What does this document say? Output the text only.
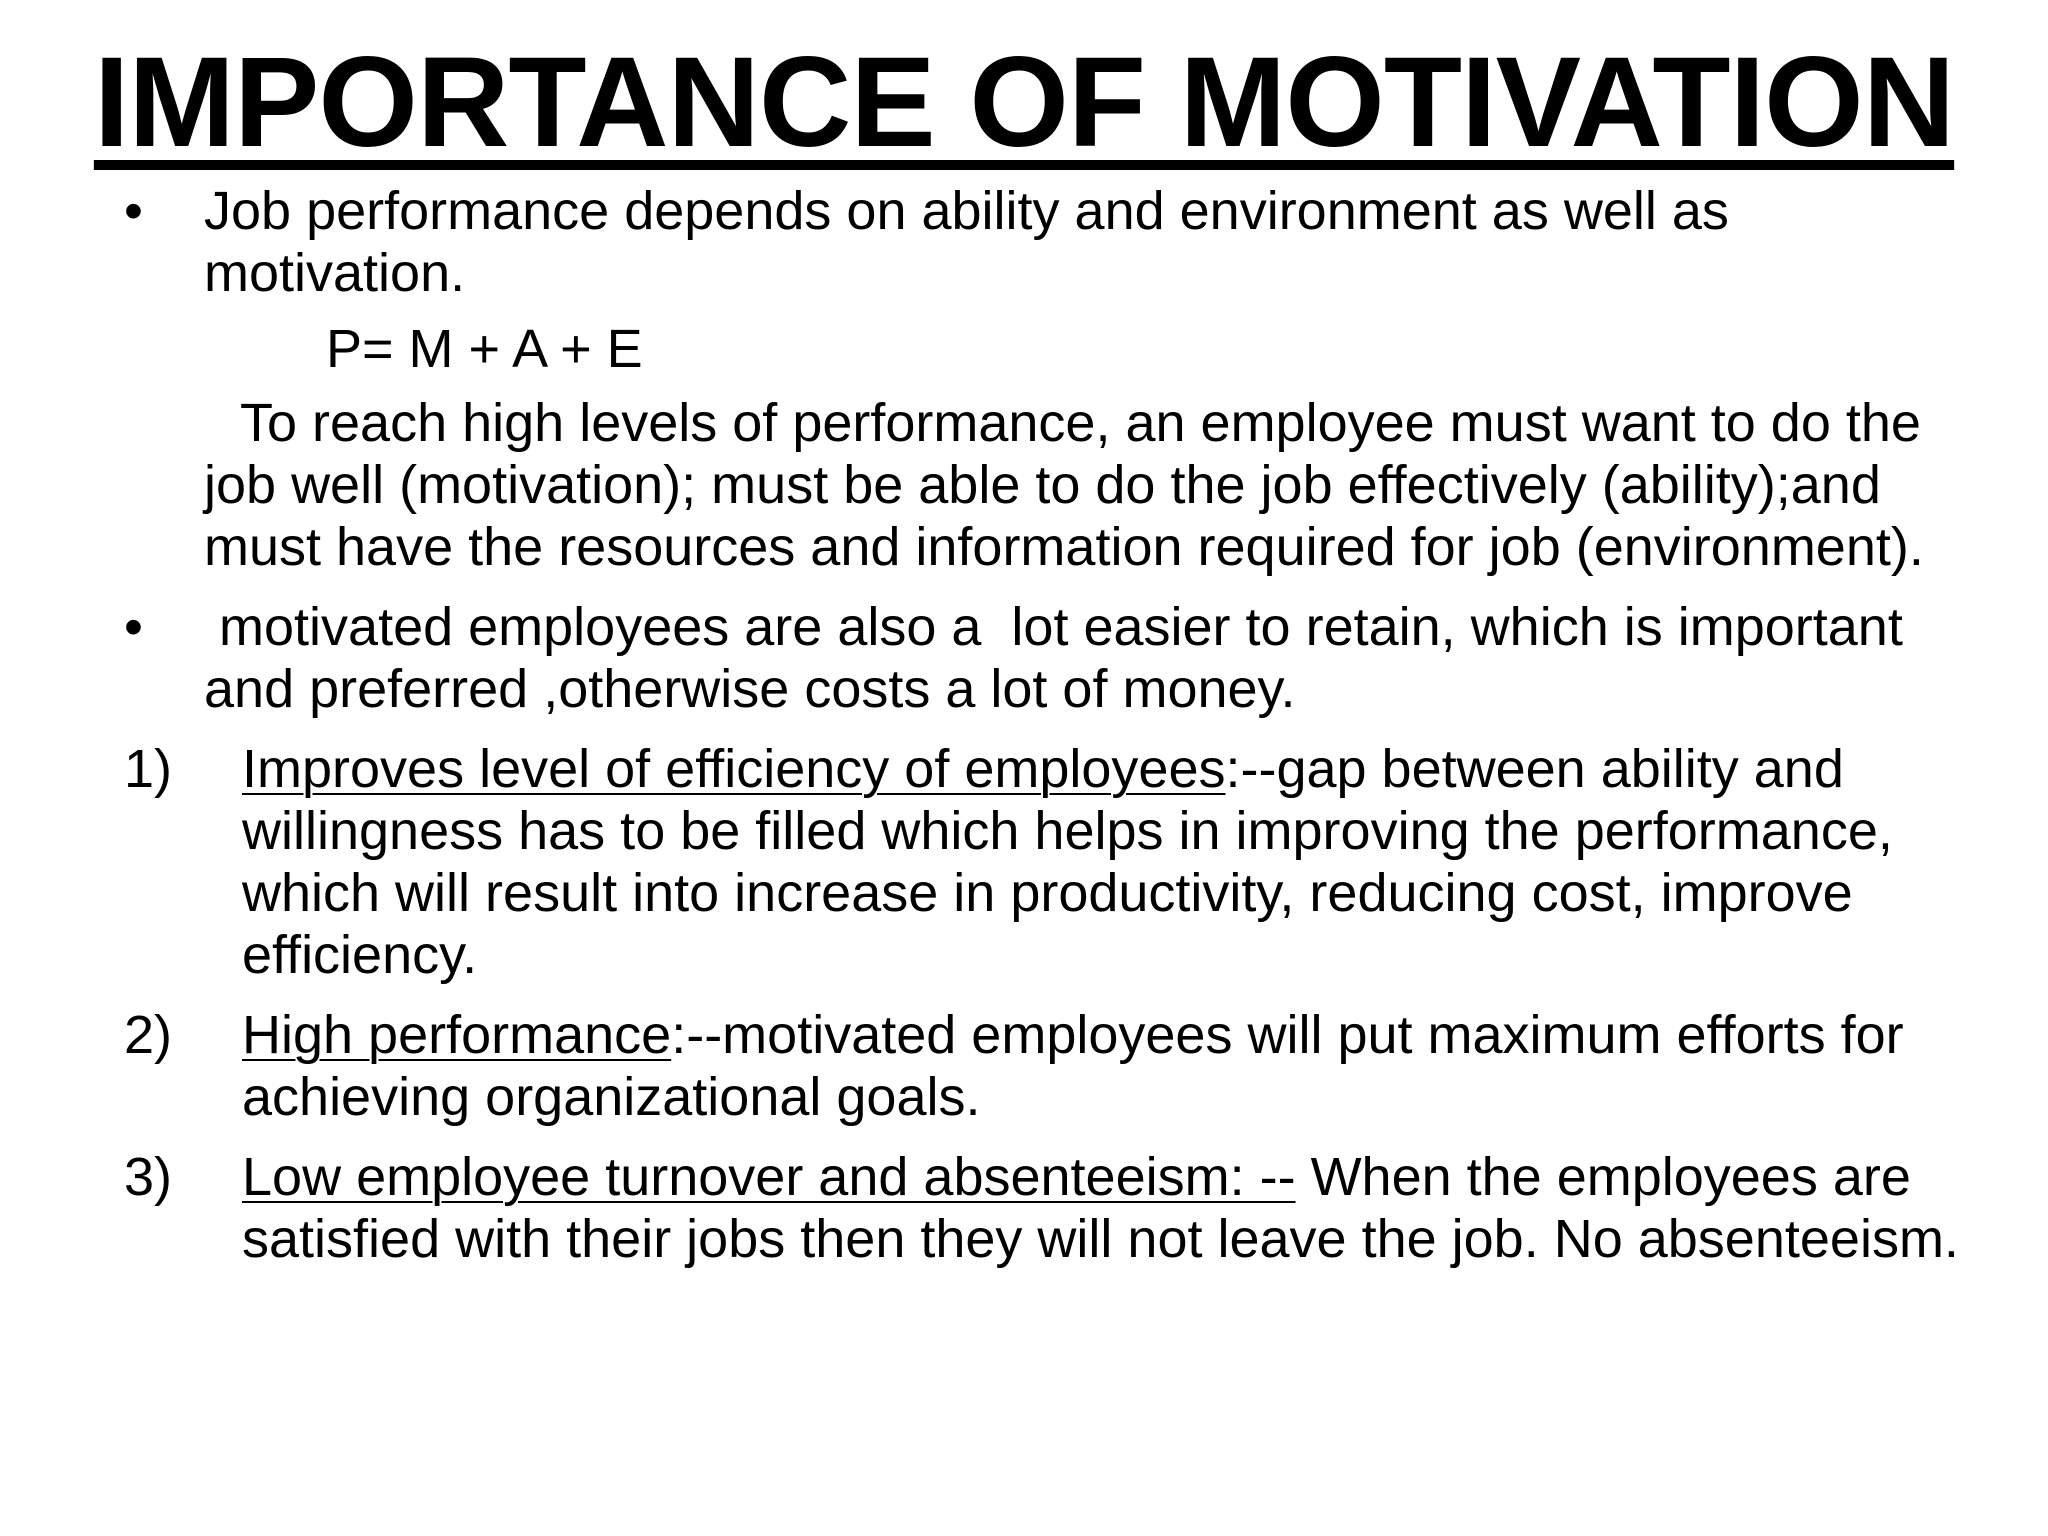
IMPORTANCE OF MOTIVATION
• Job performance depends on ability and environment as well as motivation.
P= M + A + E
To reach high levels of performance, an employee must want to do the job well (motivation); must be able to do the job effectively (ability);and must have the resources and information required for job (environment).
• motivated employees are also a  lot easier to retain, which is important and preferred ,otherwise costs a lot of money.
1) Improves level of efficiency of employees:--gap between ability and willingness has to be filled which helps in improving the performance, which will result into increase in productivity, reducing cost, improve efficiency.
2) High performance:--motivated employees will put maximum efforts for achieving organizational goals.
3) Low employee turnover and absenteeism: -- When the employees are satisfied with their jobs then they will not leave the job. No absenteeism.
